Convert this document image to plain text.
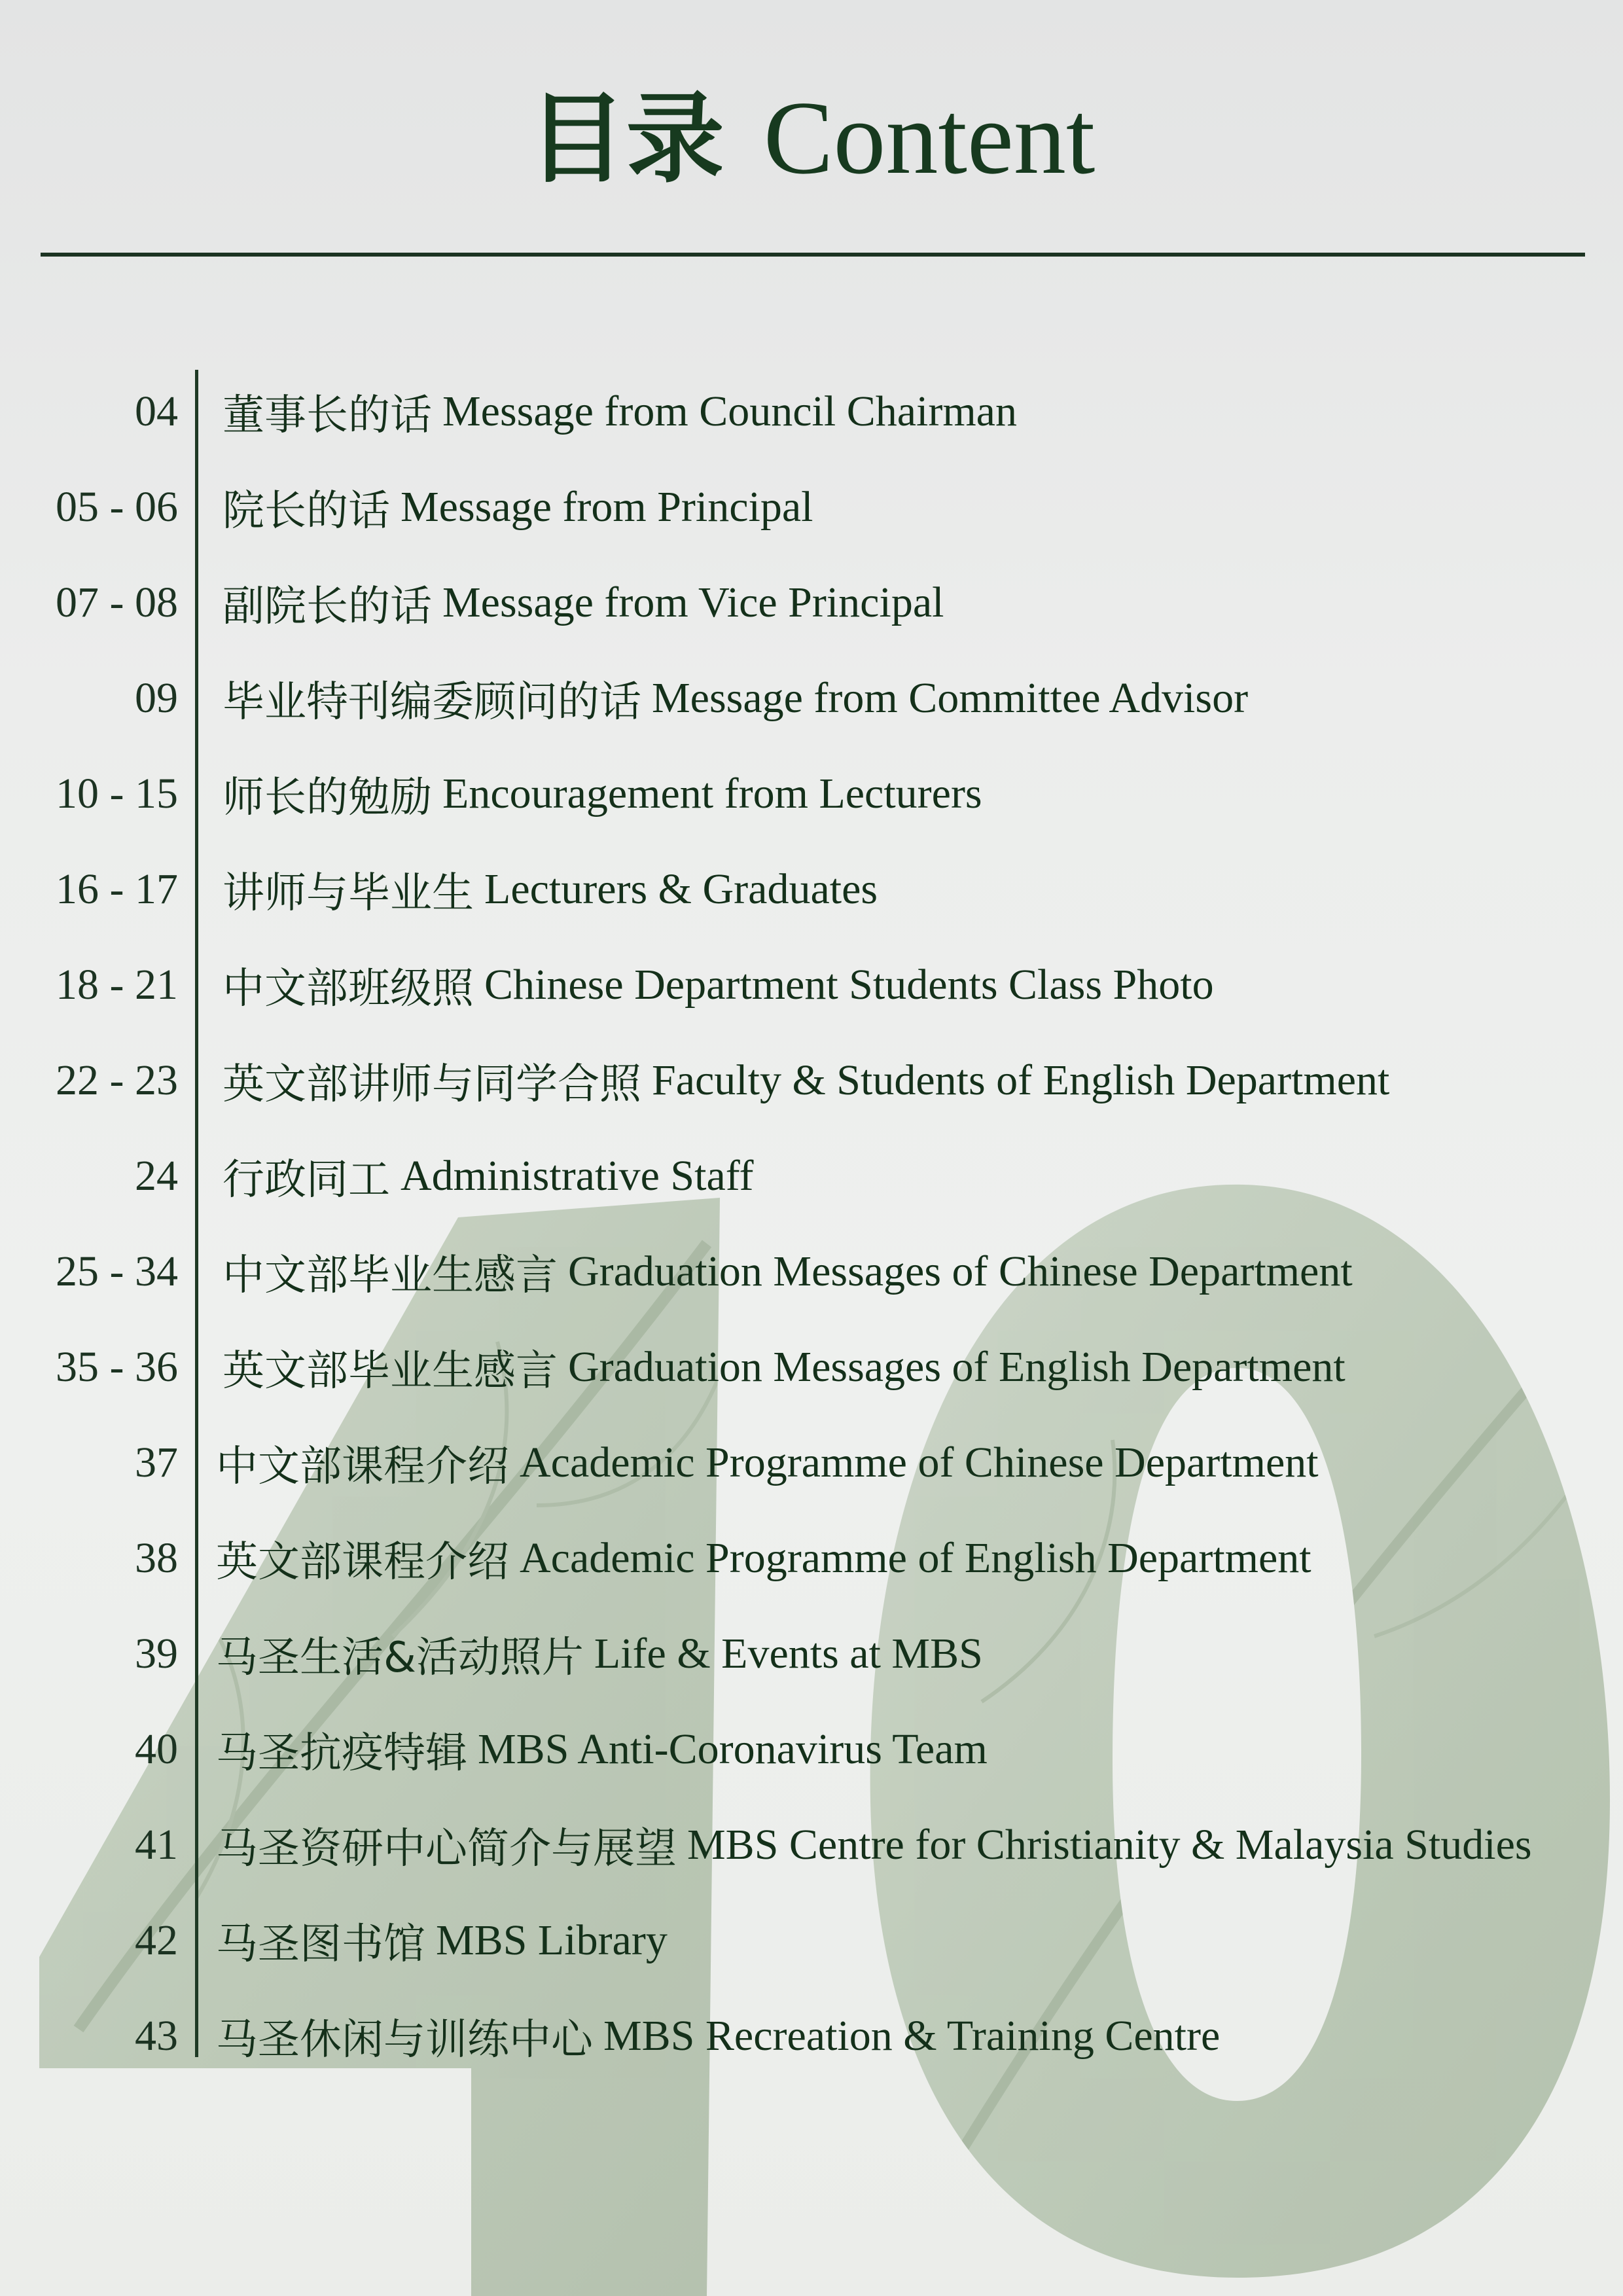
目录 Content
04 董事长的话 Message from Council Chairman
05 - 06 院长的话 Message from Principal
07 - 08 副院长的话 Message from Vice Principal
09 毕业特刊编委顾问的话 Message from Committee Advisor
10 - 15 师长的勉励 Encouragement from Lecturers
16 - 17 讲师与毕业生 Lecturers & Graduates
18 - 21 中文部班级照 Chinese Department Students Class Photo
22 - 23 英文部讲师与同学合照 Faculty & Students of English Department
24 行政同工 Administrative Staff
25 - 34 中文部毕业生感言 Graduation Messages of Chinese Department
35 - 36 英文部毕业生感言 Graduation Messages of English Department
37 中文部课程介绍 Academic Programme of Chinese Department
38 英文部课程介绍 Academic Programme of English Department
39 马圣生活&活动照片 Life & Events at MBS
40 马圣抗疫特辑 MBS Anti-Coronavirus Team
41 马圣资研中心简介与展望 MBS Centre for Christianity & Malaysia Studies
42 马圣图书馆 MBS Library
43 马圣休闲与训练中心 MBS Recreation & Training Centre
